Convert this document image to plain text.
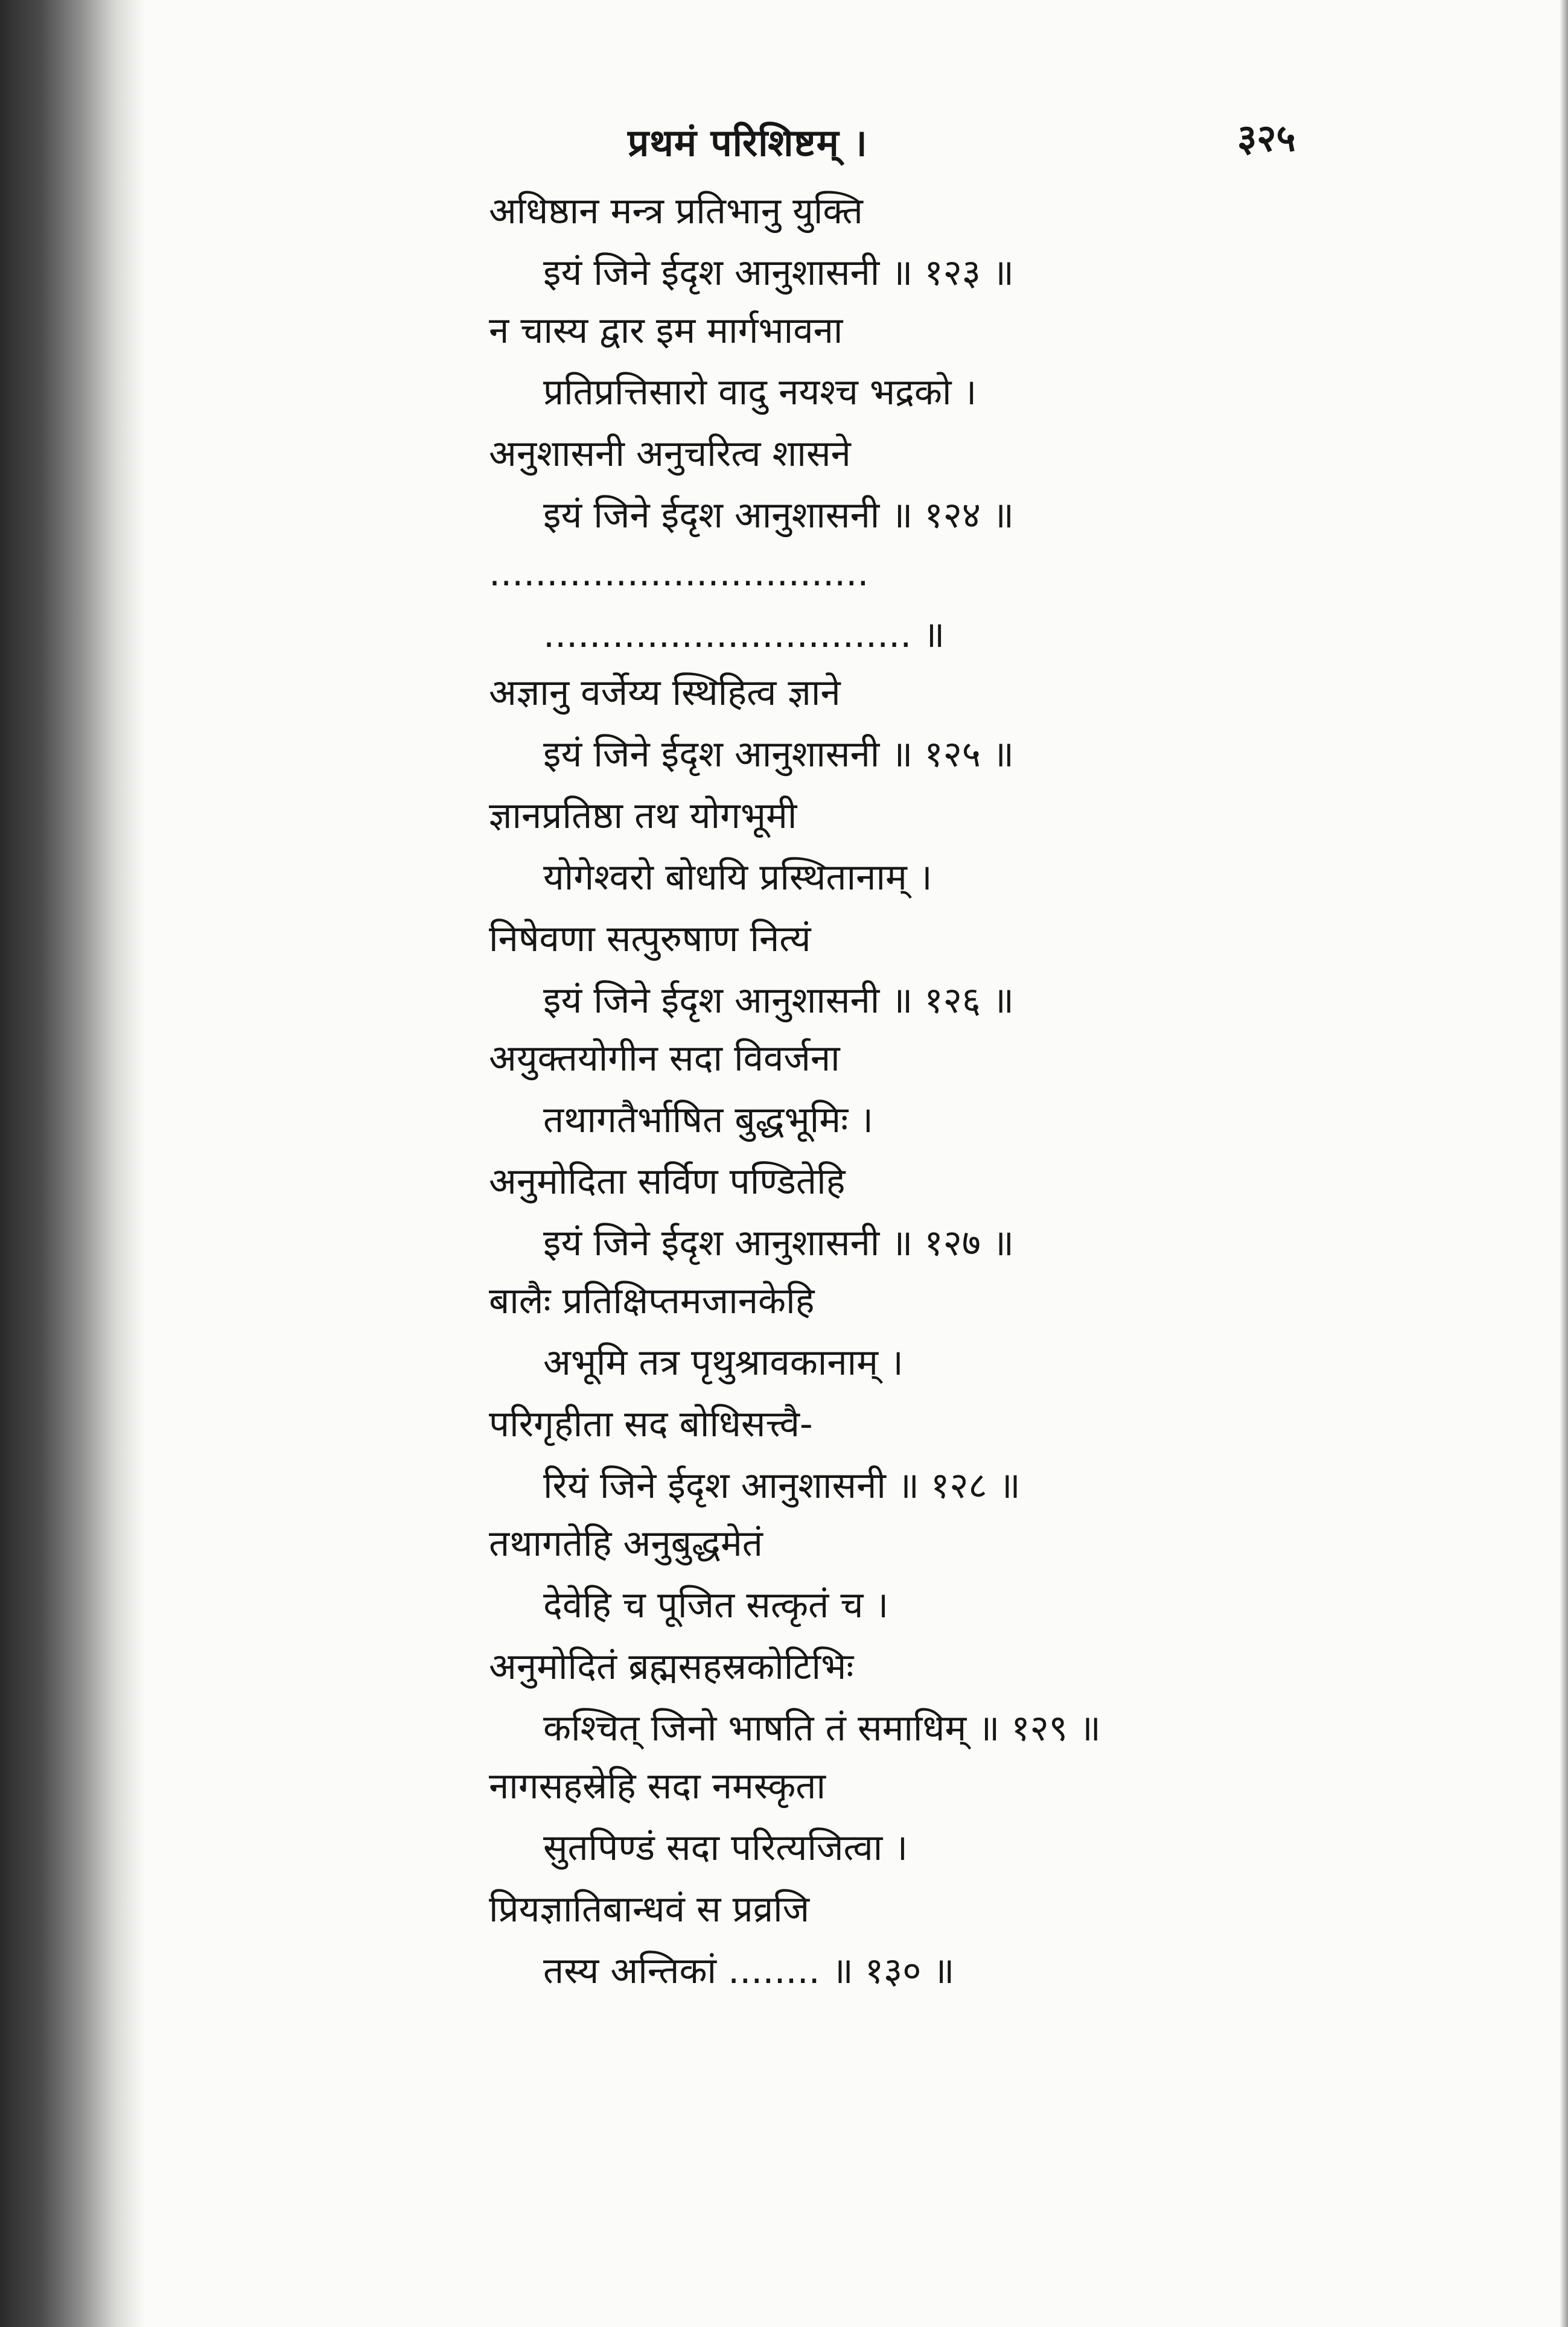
प्रथमं परिशिष्टम् ।	३२५
अधिष्ठान मन्त्र प्रतिभानु युक्ति
इयं जिने ईदृश आनुशासनी ॥ १२३ ॥
न चास्य द्वार इम मार्गभावना
प्रतिप्रत्तिसारो वादु नयश्च भद्रको ।
अनुशासनी अनुचरित्व शासने
इयं जिने ईदृश आनुशासनी ॥ १२४ ॥
.................................
................................ ॥
अज्ञानु वर्जेय्य स्थिहित्व ज्ञाने
इयं जिने ईदृश आनुशासनी ॥ १२५ ॥
ज्ञानप्रतिष्ठा तथ योगभूमी
योगेश्वरो बोधयि प्रस्थितानाम् ।
निषेवणा सत्पुरुषाण नित्यं
इयं जिने ईदृश आनुशासनी ॥ १२६ ॥
अयुक्तयोगीन सदा विवर्जना
तथागतैर्भाषित बुद्धभूमिः ।
अनुमोदिता सर्विण पण्डितेहि
इयं जिने ईदृश आनुशासनी ॥ १२७ ॥
बालैः प्रतिक्षिप्तमजानकेहि
अभूमि तत्र पृथुश्रावकानाम् ।
परिगृहीता सद बोधिसत्त्वै-
रियं जिने ईदृश आनुशासनी ॥ १२८ ॥
तथागतेहि अनुबुद्धमेतं
देवेहि च पूजित सत्कृतं च ।
अनुमोदितं ब्रह्मसहस्रकोटिभिः
कश्चित् जिनो भाषति तं समाधिम् ॥ १२९ ॥
नागसहस्रेहि सदा नमस्कृता
सुतपिण्डं सदा परित्यजित्वा ।
प्रियज्ञातिबान्धवं स प्रव्रजि
तस्य अन्तिकां ........ ॥ १३० ॥
